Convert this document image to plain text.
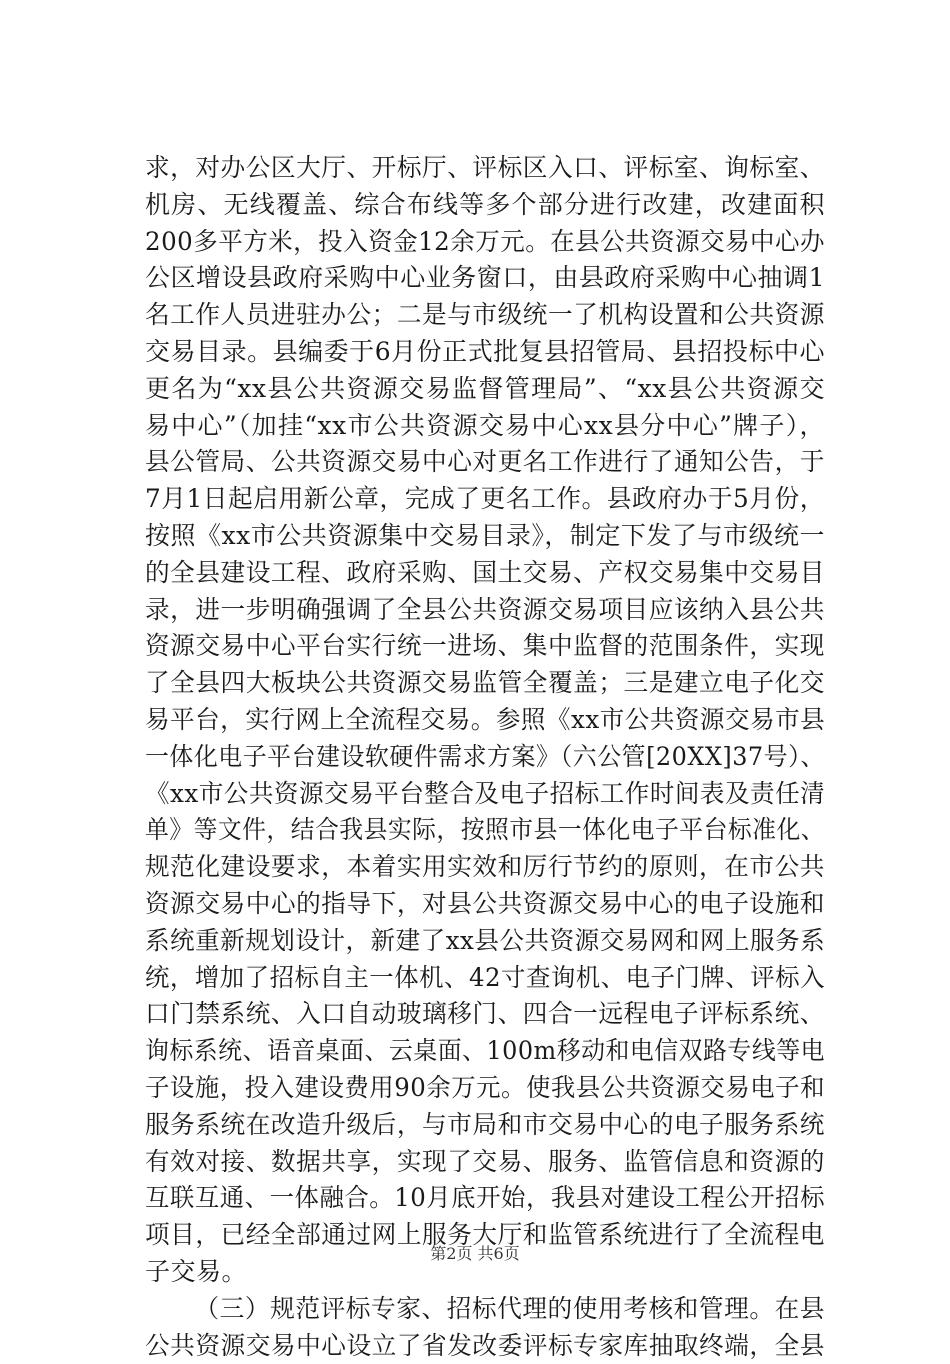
求，对办公区大厅、开标厅、评标区入口、评标室、询标室、
机房、无线覆盖、综合布线等多个部分进行改建，改建面积
200多平方米，投入资金12余万元。在县公共资源交易中心办
公区增设县政府采购中心业务窗口，由县政府采购中心抽调1
名工作人员进驻办公；二是与市级统一了机构设置和公共资源
交易目录。县编委于6月份正式批复县招管局、县招投标中心
更名为“xx县公共资源交易监督管理局”、“xx县公共资源交
易中心”（加挂“xx市公共资源交易中心xx县分中心”牌子），
县公管局、公共资源交易中心对更名工作进行了通知公告，于
7月1日起启用新公章，完成了更名工作。县政府办于5月份，
按照《xx市公共资源集中交易目录》，制定下发了与市级统一
的全县建设工程、政府采购、国土交易、产权交易集中交易目
录，进一步明确强调了全县公共资源交易项目应该纳入县公共
资源交易中心平台实行统一进场、集中监督的范围条件，实现
了全县四大板块公共资源交易监管全覆盖；三是建立电子化交
易平台，实行网上全流程交易。参照《xx市公共资源交易市县
一体化电子平台建设软硬件需求方案》（六公管[20XX]37号）、
《xx市公共资源交易平台整合及电子招标工作时间表及责任清
单》等文件，结合我县实际，按照市县一体化电子平台标准化、
规范化建设要求，本着实用实效和厉行节约的原则，在市公共
资源交易中心的指导下，对县公共资源交易中心的电子设施和
系统重新规划设计，新建了xx县公共资源交易网和网上服务系
统，增加了招标自主一体机、42寸查询机、电子门牌、评标入
口门禁系统、入口自动玻璃移门、四合一远程电子评标系统、
询标系统、语音桌面、云桌面、100m移动和电信双路专线等电
子设施，投入建设费用90余万元。使我县公共资源交易电子和
服务系统在改造升级后，与市局和市交易中心的电子服务系统
有效对接、数据共享，实现了交易、服务、监管信息和资源的
互联互通、一体融合。10月底开始，我县对建设工程公开招标
项目，已经全部通过网上服务大厅和监管系统进行了全流程电
子交易。
（三）规范评标专家、招标代理的使用考核和管理。在县
公共资源交易中心设立了省发改委评标专家库抽取终端，全县
第2页 共6页
